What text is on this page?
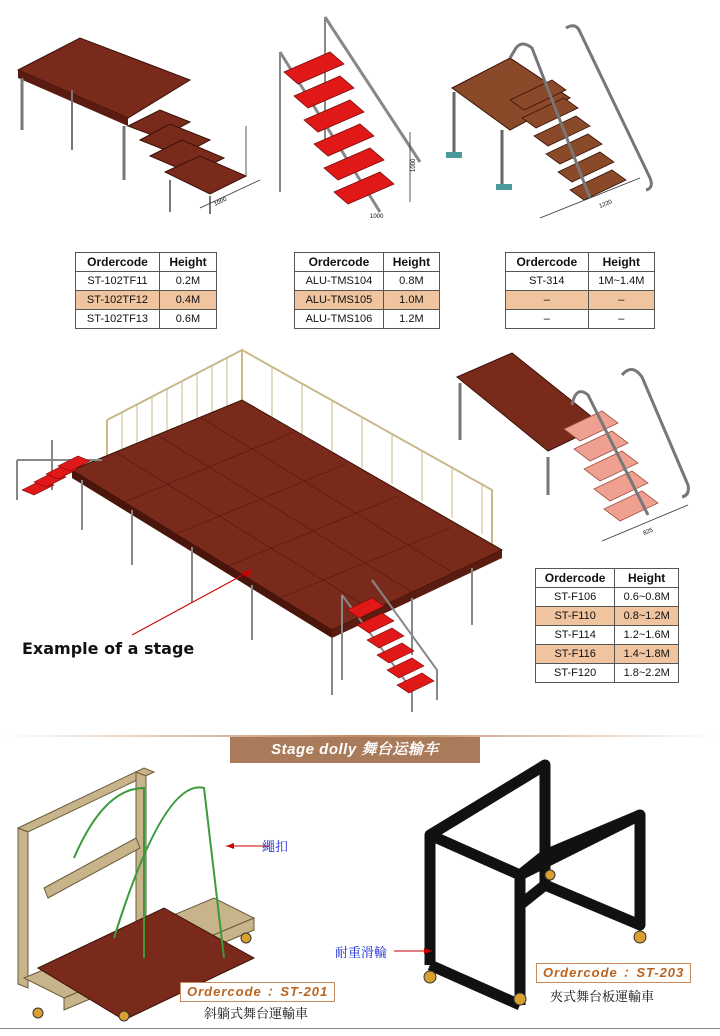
1000
1000
1000
1220
Ordercode	Height
ST-102TF11	0.2M
ST-102TF12	0.4M
ST-102TF13	0.6M
Ordercode	Height
ALU-TMS104	0.8M
ALU-TMS105	1.0M
ALU-TMS106	1.2M
Ordercode	Height
ST-314	1M~1.4M
–	–
–	–
Example of a stage
825
Ordercode	Height
ST-F106	0.6~0.8M
ST-F110	0.8~1.2M
ST-F114	1.2~1.6M
ST-F116	1.4~1.8M
ST-F120	1.8~2.2M
Stage dolly 舞台运输车
繩扣
Ordercode ：ST-201
斜躺式舞台運輸車
耐重滑輪
Ordercode ：ST-203
夾式舞台板運輸車
